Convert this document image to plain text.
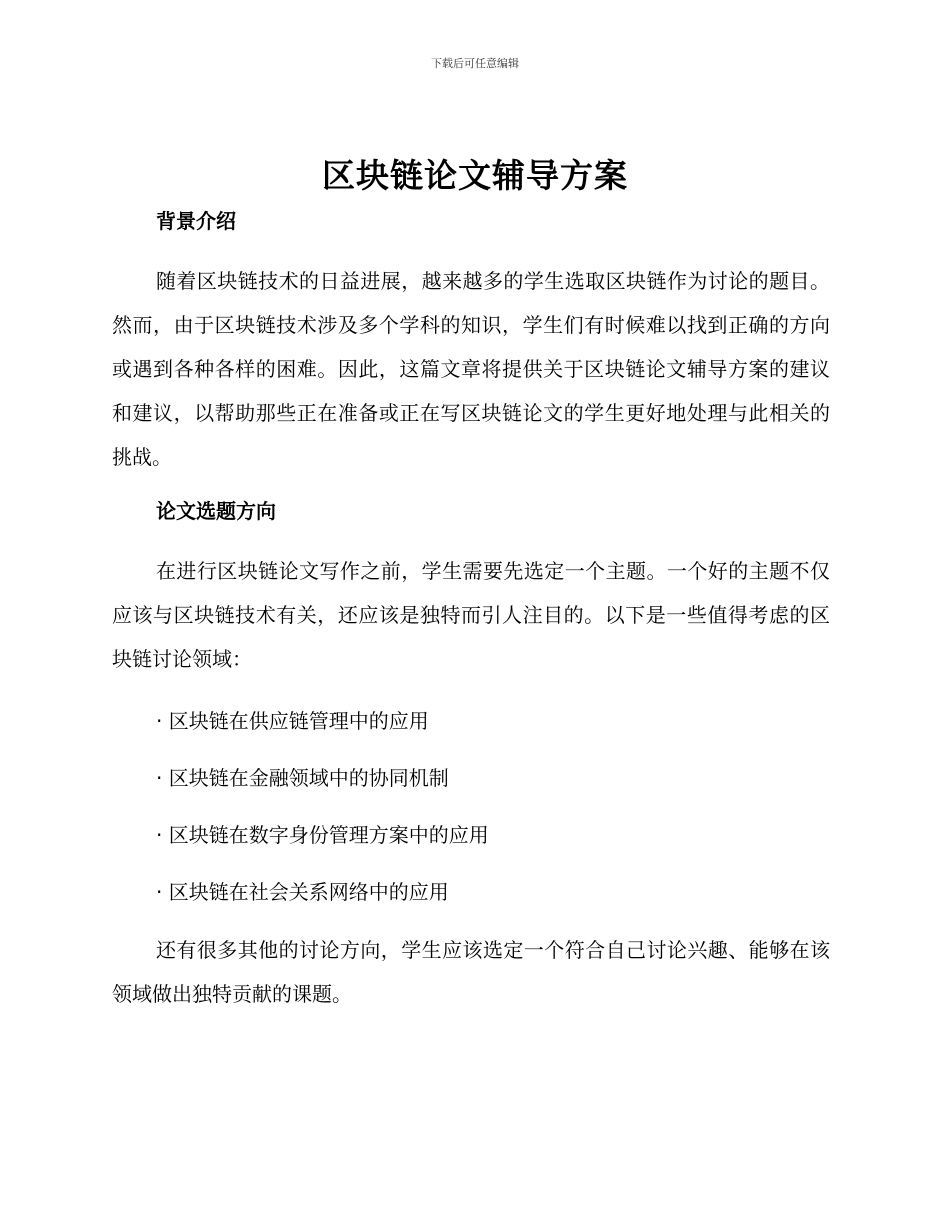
下载后可任意编辑
区块链论文辅导方案
背景介绍

随着区块链技术的日益进展，越来越多的学生选取区块链作为讨论的题目。然而，由于区块链技术涉及多个学科的知识，学生们有时候难以找到正确的方向或遇到各种各样的困难。因此，这篇文章将提供关于区块链论文辅导方案的建议和建议，以帮助那些正在准备或正在写区块链论文的学生更好地处理与此相关的挑战。

论文选题方向

在进行区块链论文写作之前，学生需要先选定一个主题。一个好的主题不仅应该与区块链技术有关，还应该是独特而引人注目的。以下是一些值得考虑的区块链讨论领域：

· 区块链在供应链管理中的应用

· 区块链在金融领域中的协同机制

· 区块链在数字身份管理方案中的应用

· 区块链在社会关系网络中的应用

还有很多其他的讨论方向，学生应该选定一个符合自己讨论兴趣、能够在该领域做出独特贡献的课题。
